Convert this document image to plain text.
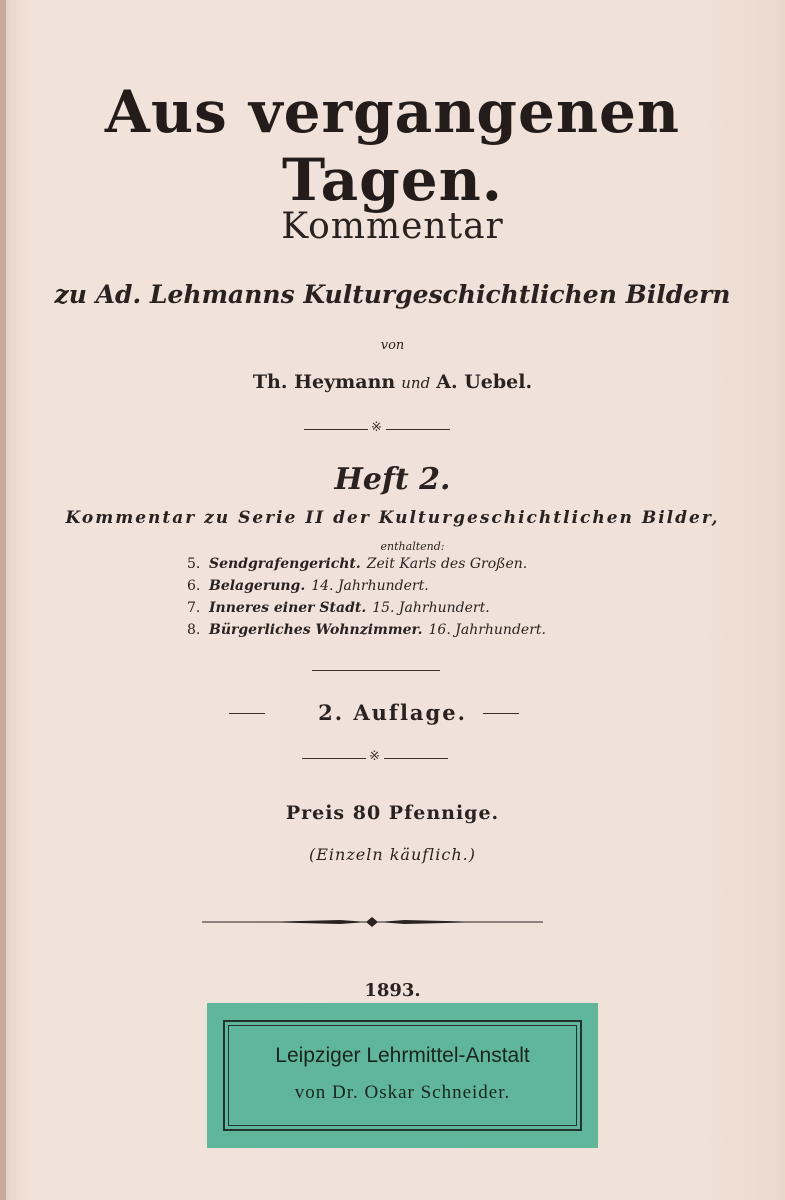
Aus vergangenen Tagen.
Kommentar
zu Ad. Lehmanns Kulturgeschichtlichen Bildern
von
Th. Heymann und A. Uebel.
※
Heft 2.
Kommentar zu Serie II der Kulturgeschichtlichen Bilder,
enthaltend:
5. Sendgrafengericht. Zeit Karls des Großen.
6. Belagerung. 14. Jahrhundert.
7. Inneres einer Stadt. 15. Jahrhundert.
8. Bürgerliches Wohnzimmer. 16. Jahrhundert.
2. Auflage.
※
Preis 80 Pfennige.
(Einzeln käuflich.)
1893.
Leipziger Lehrmittel-Anstalt
von Dr. Oskar Schneider.
